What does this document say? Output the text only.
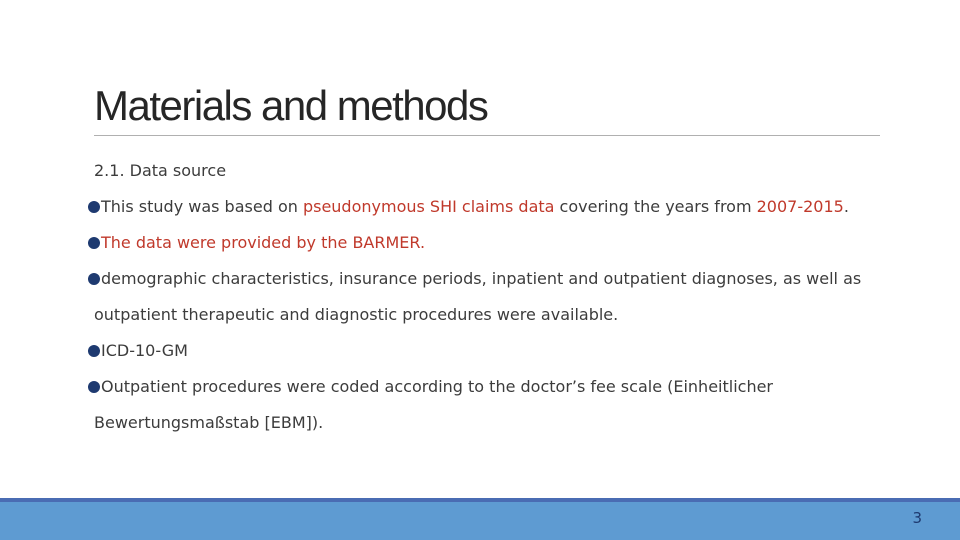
Materials and methods
2.1. Data source
This study was based on pseudonymous SHI claims data covering the years from 2007-2015.
The data were provided by the BARMER.
demographic characteristics, insurance periods, inpatient and outpatient diagnoses, as well as
outpatient therapeutic and diagnostic procedures were available.
ICD-10-GM
Outpatient procedures were coded according to the doctor’s fee scale (Einheitlicher
Bewertungsmaßstab [EBM]).
3
